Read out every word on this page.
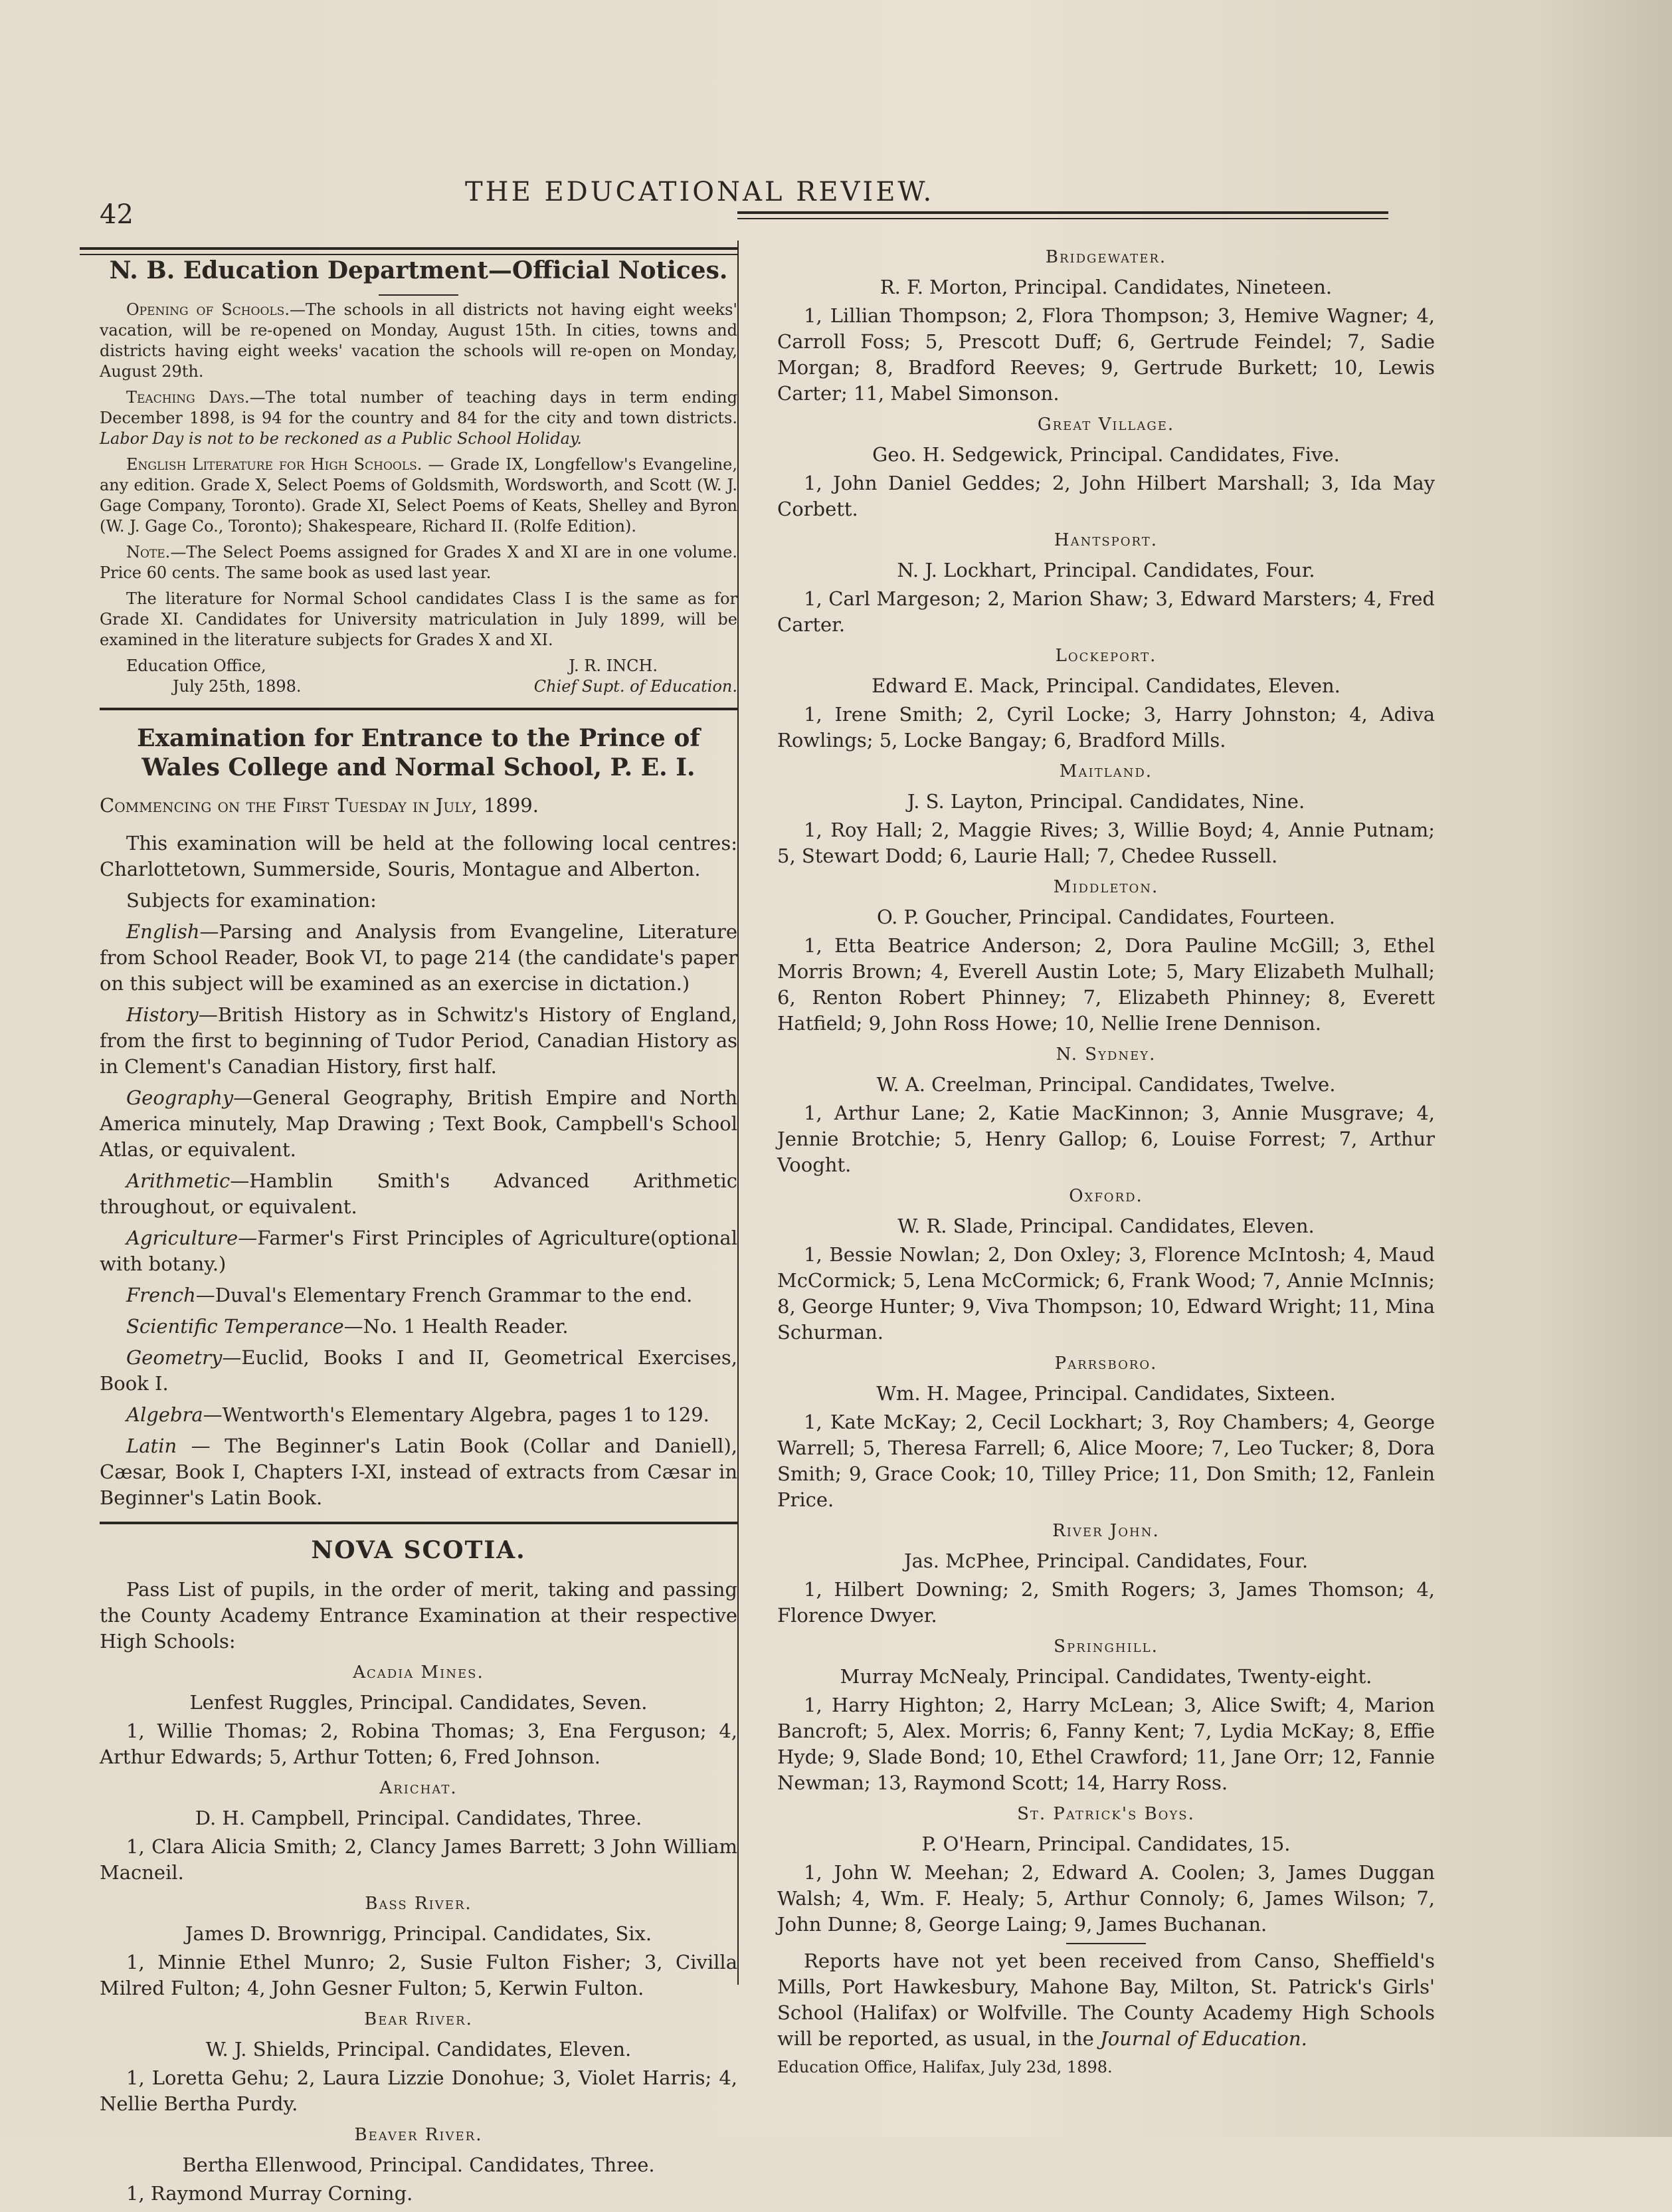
42
THE EDUCATIONAL REVIEW.
N. B. Education Department—Official Notices.

Opening of Schools.—The schools in all districts not having eight weeks' vacation, will be re-opened on Monday, August 15th. In cities, towns and districts having eight weeks' vacation the schools will re-open on Monday, August 29th.

Teaching Days.—The total number of teaching days in term ending December 1898, is 94 for the country and 84 for the city and town districts. Labor Day is not to be reckoned as a Public School Holiday.

English Literature for High Schools. — Grade IX, Longfellow's Evangeline, any edition. Grade X, Select Poems of Goldsmith, Wordsworth, and Scott (W. J. Gage Company, Toronto). Grade XI, Select Poems of Keats, Shelley and Byron (W. J. Gage Co., Toronto); Shakespeare, Richard II. (Rolfe Edition).

Note.—The Select Poems assigned for Grades X and XI are in one volume. Price 60 cents. The same book as used last year.

The literature for Normal School candidates Class I is the same as for Grade XI. Candidates for University matriculation in July 1899, will be examined in the literature subjects for Grades X and XI.

Education Office,	J. R. INCH.
July 25th, 1898.	Chief Supt. of Education.
Examination for Entrance to the Prince of Wales College and Normal School, P. E. I.

Commencing on the First Tuesday in July, 1899.

This examination will be held at the following local centres: Charlottetown, Summerside, Souris, Montague and Alberton.

Subjects for examination:

English—Parsing and Analysis from Evangeline, Literature from School Reader, Book VI, to page 214 (the candidate's paper on this subject will be examined as an exercise in dictation.)

History—British History as in Schwitz's History of England, from the first to beginning of Tudor Period, Canadian History as in Clement's Canadian History, first half.

Geography—General Geography, British Empire and North America minutely, Map Drawing ; Text Book, Campbell's School Atlas, or equivalent.

Arithmetic—Hamblin Smith's Advanced Arithmetic throughout, or equivalent.

Agriculture—Farmer's First Principles of Agriculture(optional with botany.)

French—Duval's Elementary French Grammar to the end.

Scientific Temperance—No. 1 Health Reader.

Geometry—Euclid, Books I and II, Geometrical Exercises, Book I.

Algebra—Wentworth's Elementary Algebra, pages 1 to 129.

Latin — The Beginner's Latin Book (Collar and Daniell), Cæsar, Book I, Chapters I-XI, instead of extracts from Cæsar in Beginner's Latin Book.

NOVA SCOTIA.

Pass List of pupils, in the order of merit, taking and passing the County Academy Entrance Examination at their respective High Schools:

Acadia Mines.
Lenfest Ruggles, Principal. Candidates, Seven.

1, Willie Thomas; 2, Robina Thomas; 3, Ena Ferguson; 4, Arthur Edwards; 5, Arthur Totten; 6, Fred Johnson.

Arichat.
D. H. Campbell, Principal. Candidates, Three.

1, Clara Alicia Smith; 2, Clancy James Barrett; 3 John William Macneil.

Bass River.
James D. Brownrigg, Principal. Candidates, Six.

1, Minnie Ethel Munro; 2, Susie Fulton Fisher; 3, Civilla Milred Fulton; 4, John Gesner Fulton; 5, Kerwin Fulton.

Bear River.
W. J. Shields, Principal. Candidates, Eleven.

1, Loretta Gehu; 2, Laura Lizzie Donohue; 3, Violet Harris; 4, Nellie Bertha Purdy.

Beaver River.
Bertha Ellenwood, Principal. Candidates, Three.

1, Raymond Murray Corning.

Bridgewater.
R. F. Morton, Principal. Candidates, Nineteen.

1, Lillian Thompson; 2, Flora Thompson; 3, Hemive Wagner; 4, Carroll Foss; 5, Prescott Duff; 6, Gertrude Feindel; 7, Sadie Morgan; 8, Bradford Reeves; 9, Gertrude Burkett; 10, Lewis Carter; 11, Mabel Simonson.

Great Village.
Geo. H. Sedgewick, Principal. Candidates, Five.

1, John Daniel Geddes; 2, John Hilbert Marshall; 3, Ida May Corbett.

Hantsport.
N. J. Lockhart, Principal. Candidates, Four.

1, Carl Margeson; 2, Marion Shaw; 3, Edward Marsters; 4, Fred Carter.

Lockeport.
Edward E. Mack, Principal. Candidates, Eleven.

1, Irene Smith; 2, Cyril Locke; 3, Harry Johnston; 4, Adiva Rowlings; 5, Locke Bangay; 6, Bradford Mills.

Maitland.
J. S. Layton, Principal. Candidates, Nine.

1, Roy Hall; 2, Maggie Rives; 3, Willie Boyd; 4, Annie Putnam; 5, Stewart Dodd; 6, Laurie Hall; 7, Chedee Russell.

Middleton.
O. P. Goucher, Principal. Candidates, Fourteen.

1, Etta Beatrice Anderson; 2, Dora Pauline McGill; 3, Ethel Morris Brown; 4, Everell Austin Lote; 5, Mary Elizabeth Mulhall; 6, Renton Robert Phinney; 7, Elizabeth Phinney; 8, Everett Hatfield; 9, John Ross Howe; 10, Nellie Irene Dennison.

N. Sydney.
W. A. Creelman, Principal. Candidates, Twelve.

1, Arthur Lane; 2, Katie MacKinnon; 3, Annie Musgrave; 4, Jennie Brotchie; 5, Henry Gallop; 6, Louise Forrest; 7, Arthur Vooght.

Oxford.
W. R. Slade, Principal. Candidates, Eleven.

1, Bessie Nowlan; 2, Don Oxley; 3, Florence McIntosh; 4, Maud McCormick; 5, Lena McCormick; 6, Frank Wood; 7, Annie McInnis; 8, George Hunter; 9, Viva Thompson; 10, Edward Wright; 11, Mina Schurman.

Parrsboro.
Wm. H. Magee, Principal. Candidates, Sixteen.

1, Kate McKay; 2, Cecil Lockhart; 3, Roy Chambers; 4, George Warrell; 5, Theresa Farrell; 6, Alice Moore; 7, Leo Tucker; 8, Dora Smith; 9, Grace Cook; 10, Tilley Price; 11, Don Smith; 12, Fanlein Price.

River John.
Jas. McPhee, Principal. Candidates, Four.

1, Hilbert Downing; 2, Smith Rogers; 3, James Thomson; 4, Florence Dwyer.

Springhill.
Murray McNealy, Principal. Candidates, Twenty-eight.

1, Harry Highton; 2, Harry McLean; 3, Alice Swift; 4, Marion Bancroft; 5, Alex. Morris; 6, Fanny Kent; 7, Lydia McKay; 8, Effie Hyde; 9, Slade Bond; 10, Ethel Crawford; 11, Jane Orr; 12, Fannie Newman; 13, Raymond Scott; 14, Harry Ross.

St. Patrick's Boys.
P. O'Hearn, Principal. Candidates, 15.

1, John W. Meehan; 2, Edward A. Coolen; 3, James Duggan Walsh; 4, Wm. F. Healy; 5, Arthur Connoly; 6, James Wilson; 7, John Dunne; 8, George Laing; 9, James Buchanan.

Reports have not yet been received from Canso, Sheffield's Mills, Port Hawkesbury, Mahone Bay, Milton, St. Patrick's Girls' School (Halifax) or Wolfville. The County Academy High Schools will be reported, as usual, in the Journal of Education.

Education Office, Halifax, July 23d, 1898.
